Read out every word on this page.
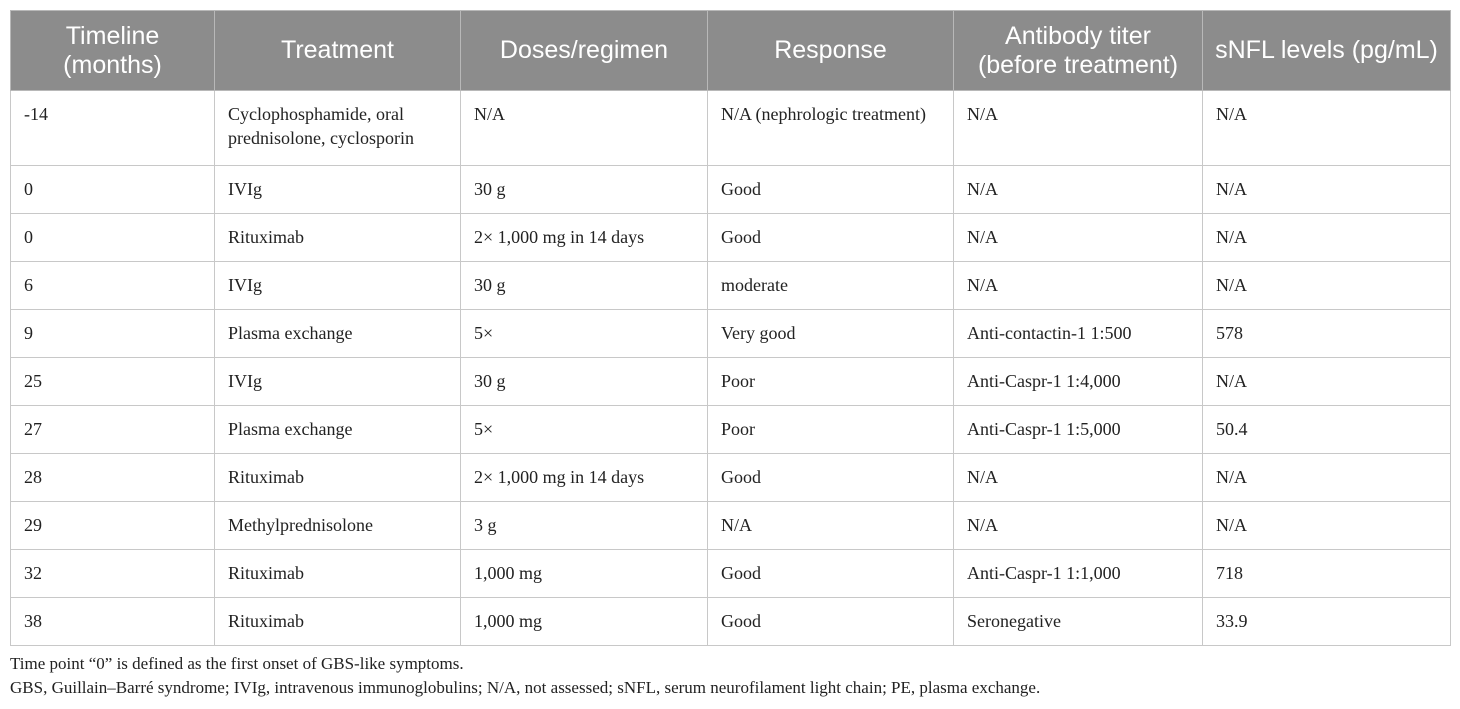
Timeline (months)	Treatment	Doses/regimen	Response	Antibody titer (before treatment)	sNFL levels (pg/mL)
-14	Cyclophosphamide, oral prednisolone, cyclosporin	N/A	N/A (nephrologic treatment)	N/A	N/A
0	IVIg	30 g	Good	N/A	N/A
0	Rituximab	2× 1,000 mg in 14 days	Good	N/A	N/A
6	IVIg	30 g	moderate	N/A	N/A
9	Plasma exchange	5×	Very good	Anti-contactin-1 1:500	578
25	IVIg	30 g	Poor	Anti-Caspr-1 1:4,000	N/A
27	Plasma exchange	5×	Poor	Anti-Caspr-1 1:5,000	50.4
28	Rituximab	2× 1,000 mg in 14 days	Good	N/A	N/A
29	Methylprednisolone	3 g	N/A	N/A	N/A
32	Rituximab	1,000 mg	Good	Anti-Caspr-1 1:1,000	718
38	Rituximab	1,000 mg	Good	Seronegative	33.9
Time point “0” is defined as the first onset of GBS-like symptoms.
GBS, Guillain–Barré syndrome; IVIg, intravenous immunoglobulins; N/A, not assessed; sNFL, serum neurofilament light chain; PE, plasma exchange.
